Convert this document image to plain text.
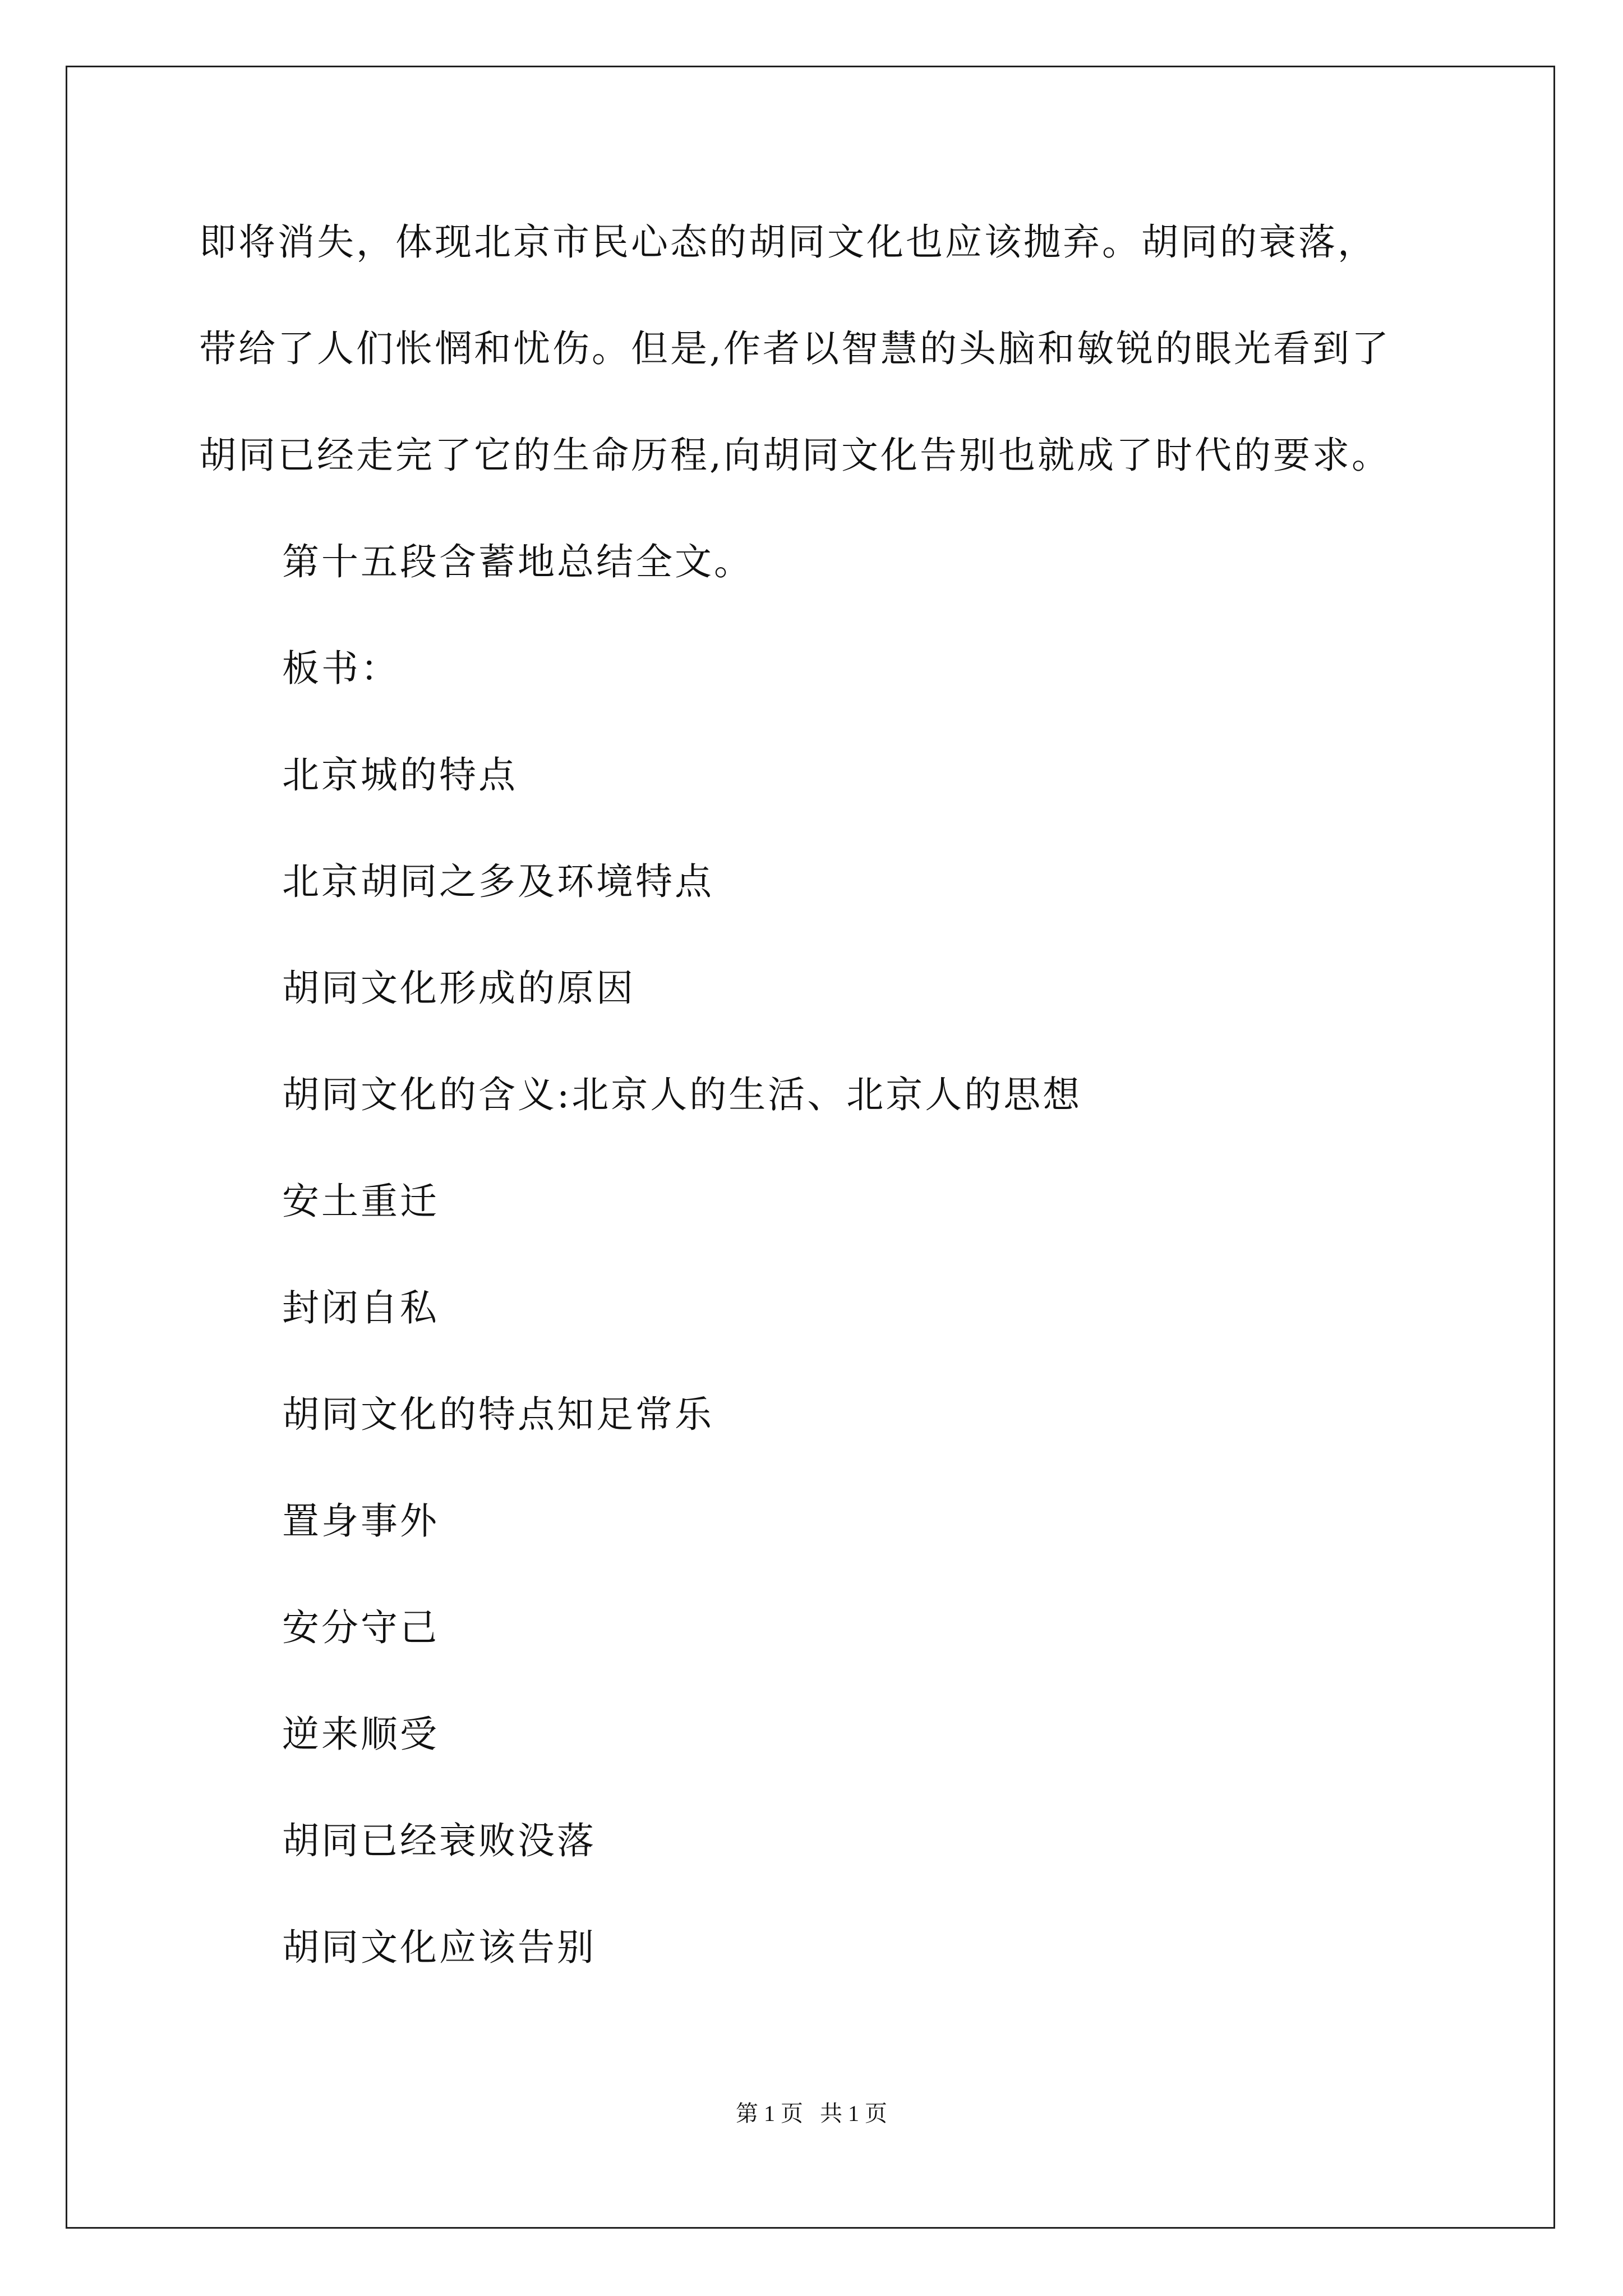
即将消失，体现北京市民心态的胡同文化也应该抛弃。胡同的衰落，
带给了人们怅惘和忧伤。但是,作者以智慧的头脑和敏锐的眼光看到了
胡同已经走完了它的生命历程,向胡同文化告别也就成了时代的要求。
第十五段含蓄地总结全文。
板书：
北京城的特点
北京胡同之多及环境特点
胡同文化形成的原因
胡同文化的含义:北京人的生活、北京人的思想
安土重迁
封闭自私
胡同文化的特点知足常乐
置身事外
安分守己
逆来顺受
胡同已经衰败没落
胡同文化应该告别
第 1 页   共 1 页
